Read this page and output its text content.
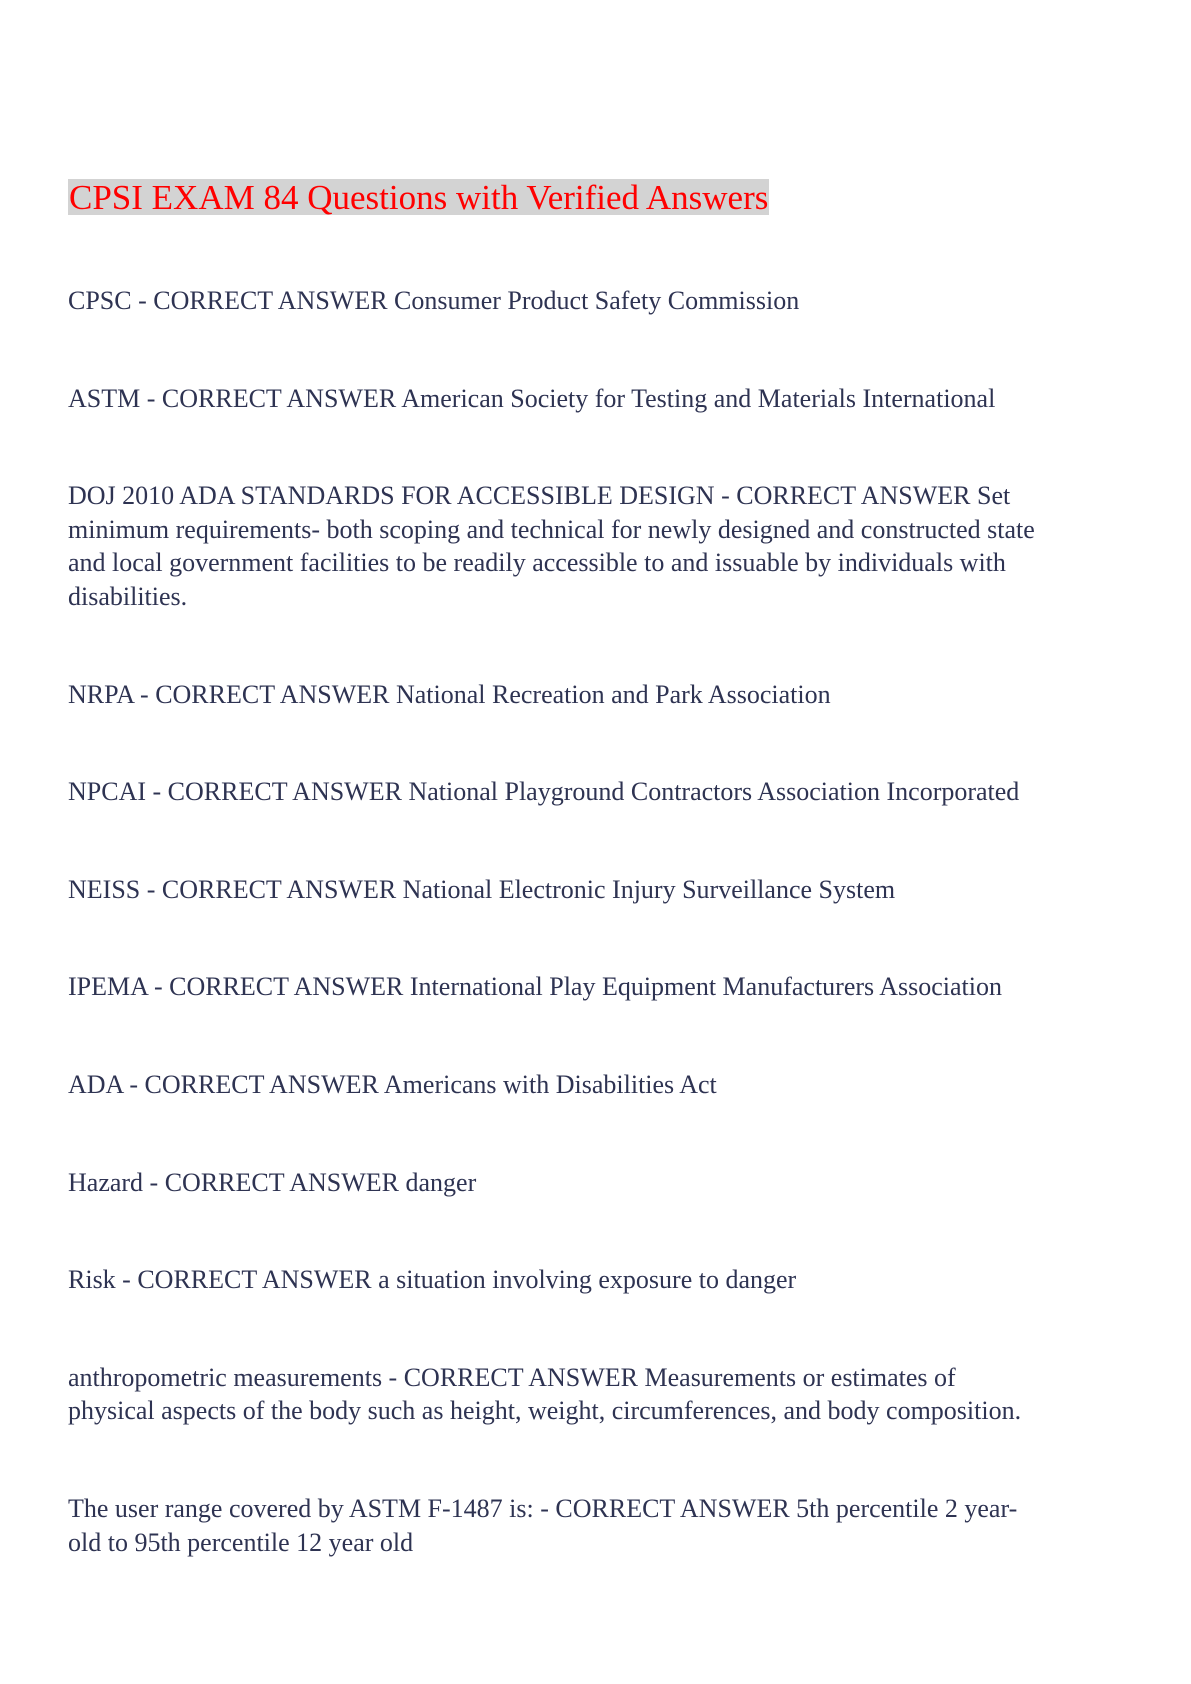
CPSI EXAM 84 Questions with Verified Answers
CPSC - CORRECT ANSWER Consumer Product Safety Commission
ASTM - CORRECT ANSWER American Society for Testing and Materials International
DOJ 2010 ADA STANDARDS FOR ACCESSIBLE DESIGN - CORRECT ANSWER Set
minimum requirements- both scoping and technical for newly designed and constructed state
and local government facilities to be readily accessible to and issuable by individuals with
disabilities.
NRPA - CORRECT ANSWER National Recreation and Park Association
NPCAI - CORRECT ANSWER National Playground Contractors Association Incorporated
NEISS - CORRECT ANSWER National Electronic Injury Surveillance System
IPEMA - CORRECT ANSWER International Play Equipment Manufacturers Association
ADA - CORRECT ANSWER Americans with Disabilities Act
Hazard - CORRECT ANSWER danger
Risk - CORRECT ANSWER a situation involving exposure to danger
anthropometric measurements - CORRECT ANSWER Measurements or estimates of
physical aspects of the body such as height, weight, circumferences, and body composition.
The user range covered by ASTM F-1487 is: - CORRECT ANSWER 5th percentile 2 year-
old to 95th percentile 12 year old
